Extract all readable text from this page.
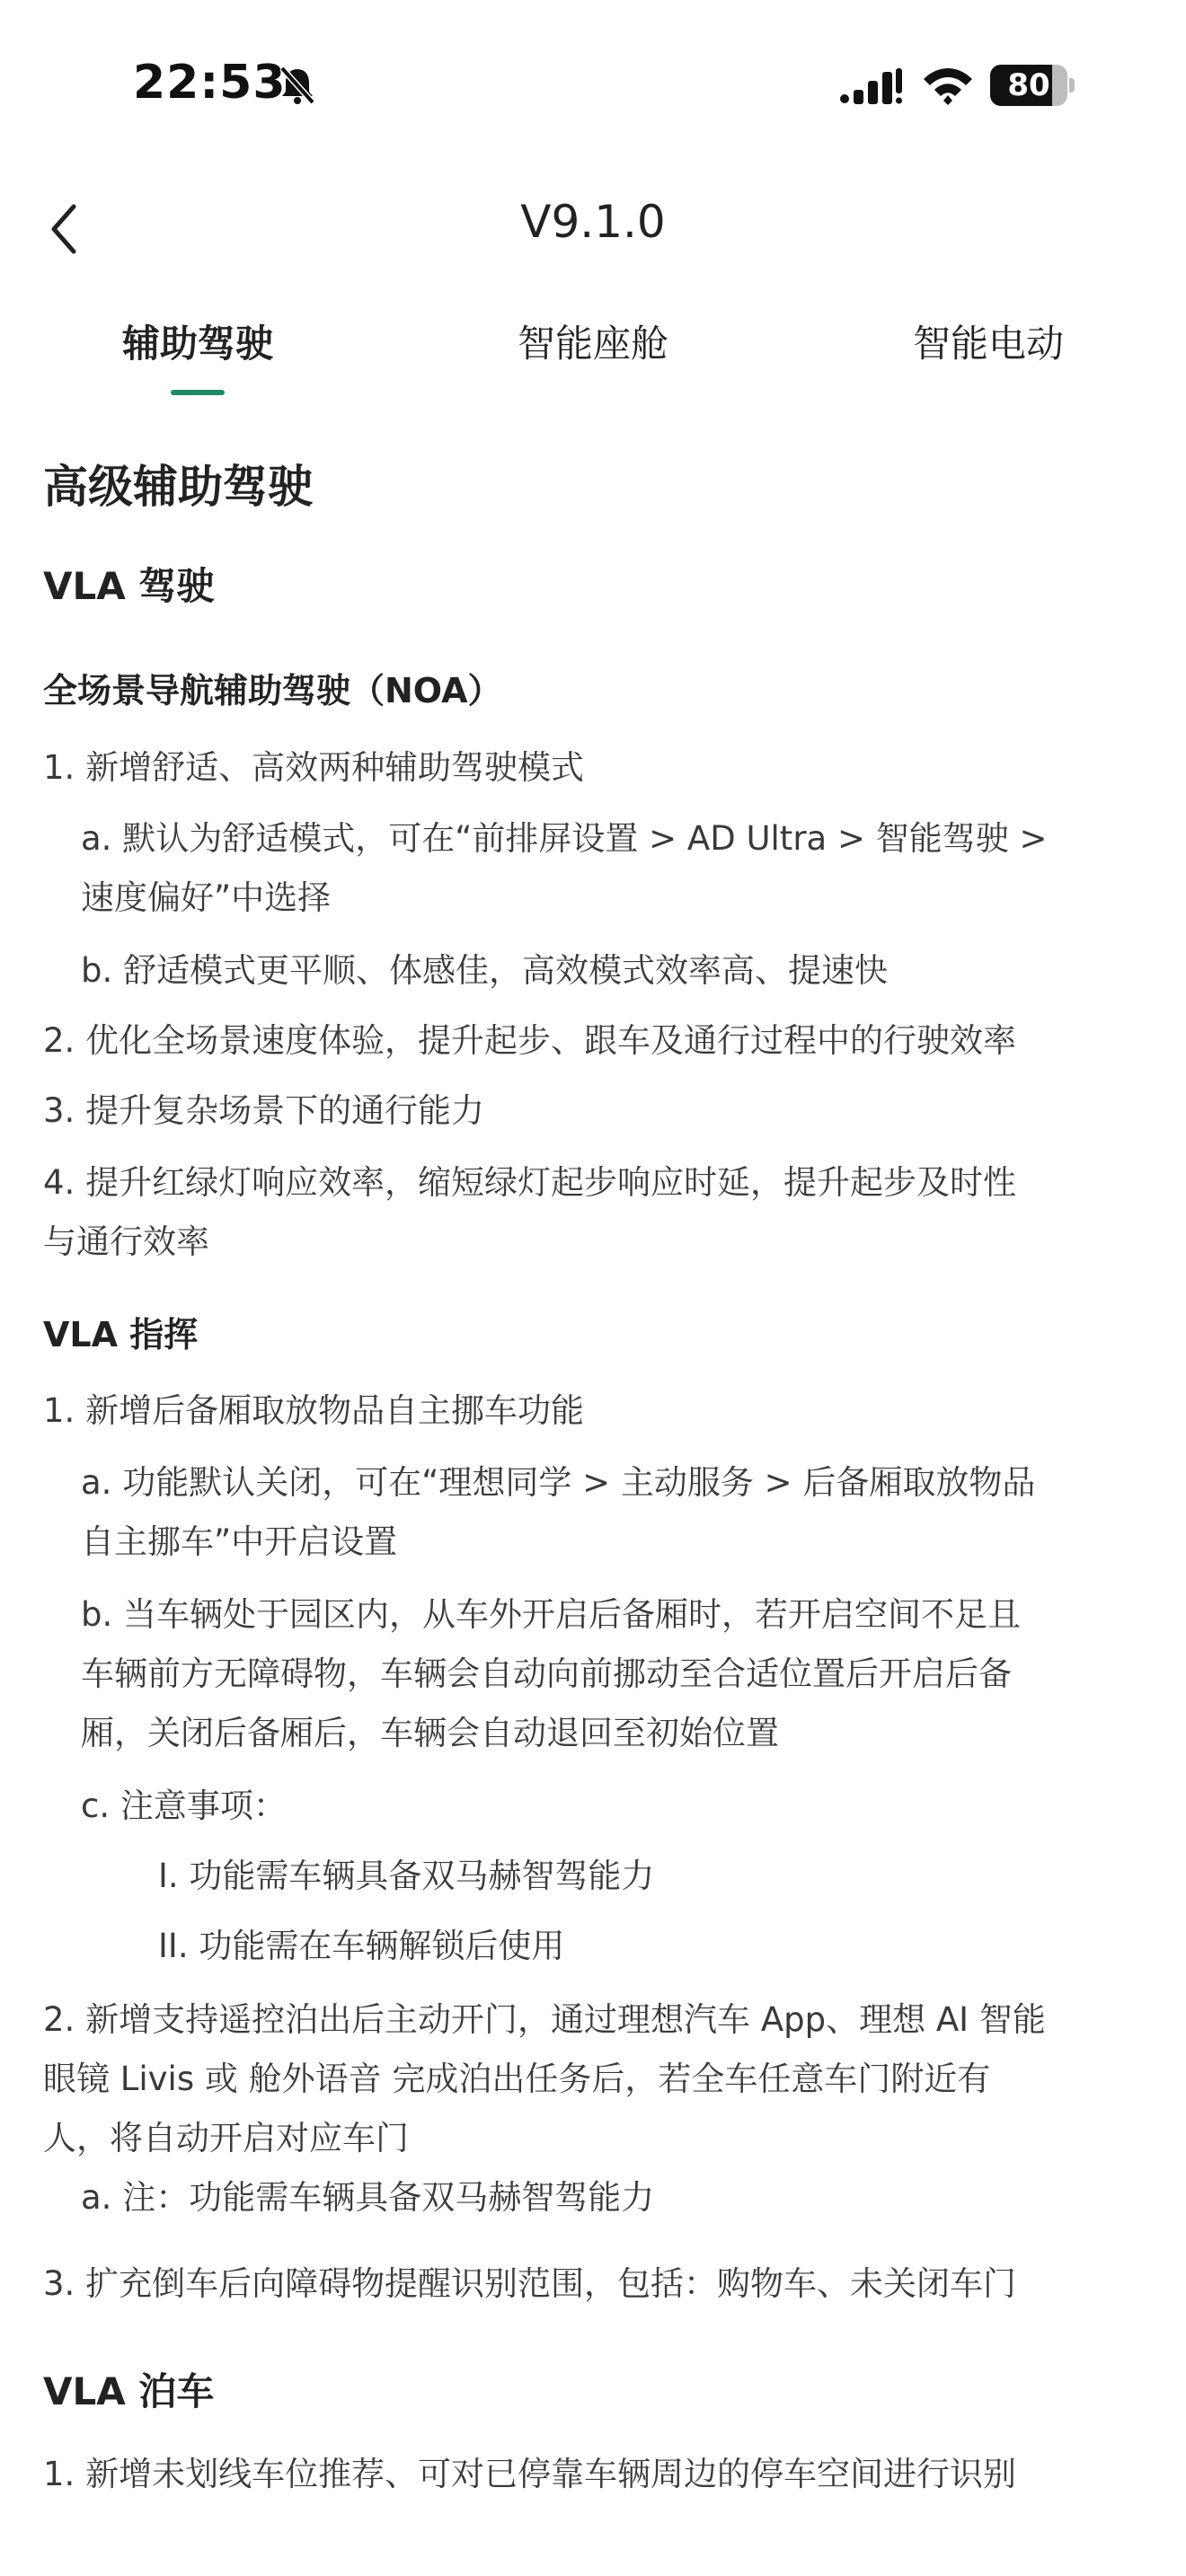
22:53	80
V9.1.0
辅助驾驶	智能座舱	智能电动
高级辅助驾驶
VLA 驾驶
全场景导航辅助驾驶（NOA）
1. 新增舒适、高效两种辅助驾驶模式
a. 默认为舒适模式，可在“前排屏设置 > AD Ultra > 智能驾驶 >
速度偏好”中选择
b. 舒适模式更平顺、体感佳，高效模式效率高、提速快
2. 优化全场景速度体验，提升起步、跟车及通行过程中的行驶效率
3. 提升复杂场景下的通行能力
4. 提升红绿灯响应效率，缩短绿灯起步响应时延，提升起步及时性
与通行效率
VLA 指挥
1. 新增后备厢取放物品自主挪车功能
a. 功能默认关闭，可在“理想同学 > 主动服务 > 后备厢取放物品
自主挪车”中开启设置
b. 当车辆处于园区内，从车外开启后备厢时，若开启空间不足且
车辆前方无障碍物，车辆会自动向前挪动至合适位置后开启后备
厢，关闭后备厢后，车辆会自动退回至初始位置
c. 注意事项：
I. 功能需车辆具备双马赫智驾能力
II. 功能需在车辆解锁后使用
2. 新增支持遥控泊出后主动开门，通过理想汽车 App、理想 AI 智能
眼镜 Livis 或 舱外语音 完成泊出任务后，若全车任意车门附近有
人，将自动开启对应车门
a. 注：功能需车辆具备双马赫智驾能力
3. 扩充倒车后向障碍物提醒识别范围，包括：购物车、未关闭车门
VLA 泊车
1. 新增未划线车位推荐、可对已停靠车辆周边的停车空间进行识别
